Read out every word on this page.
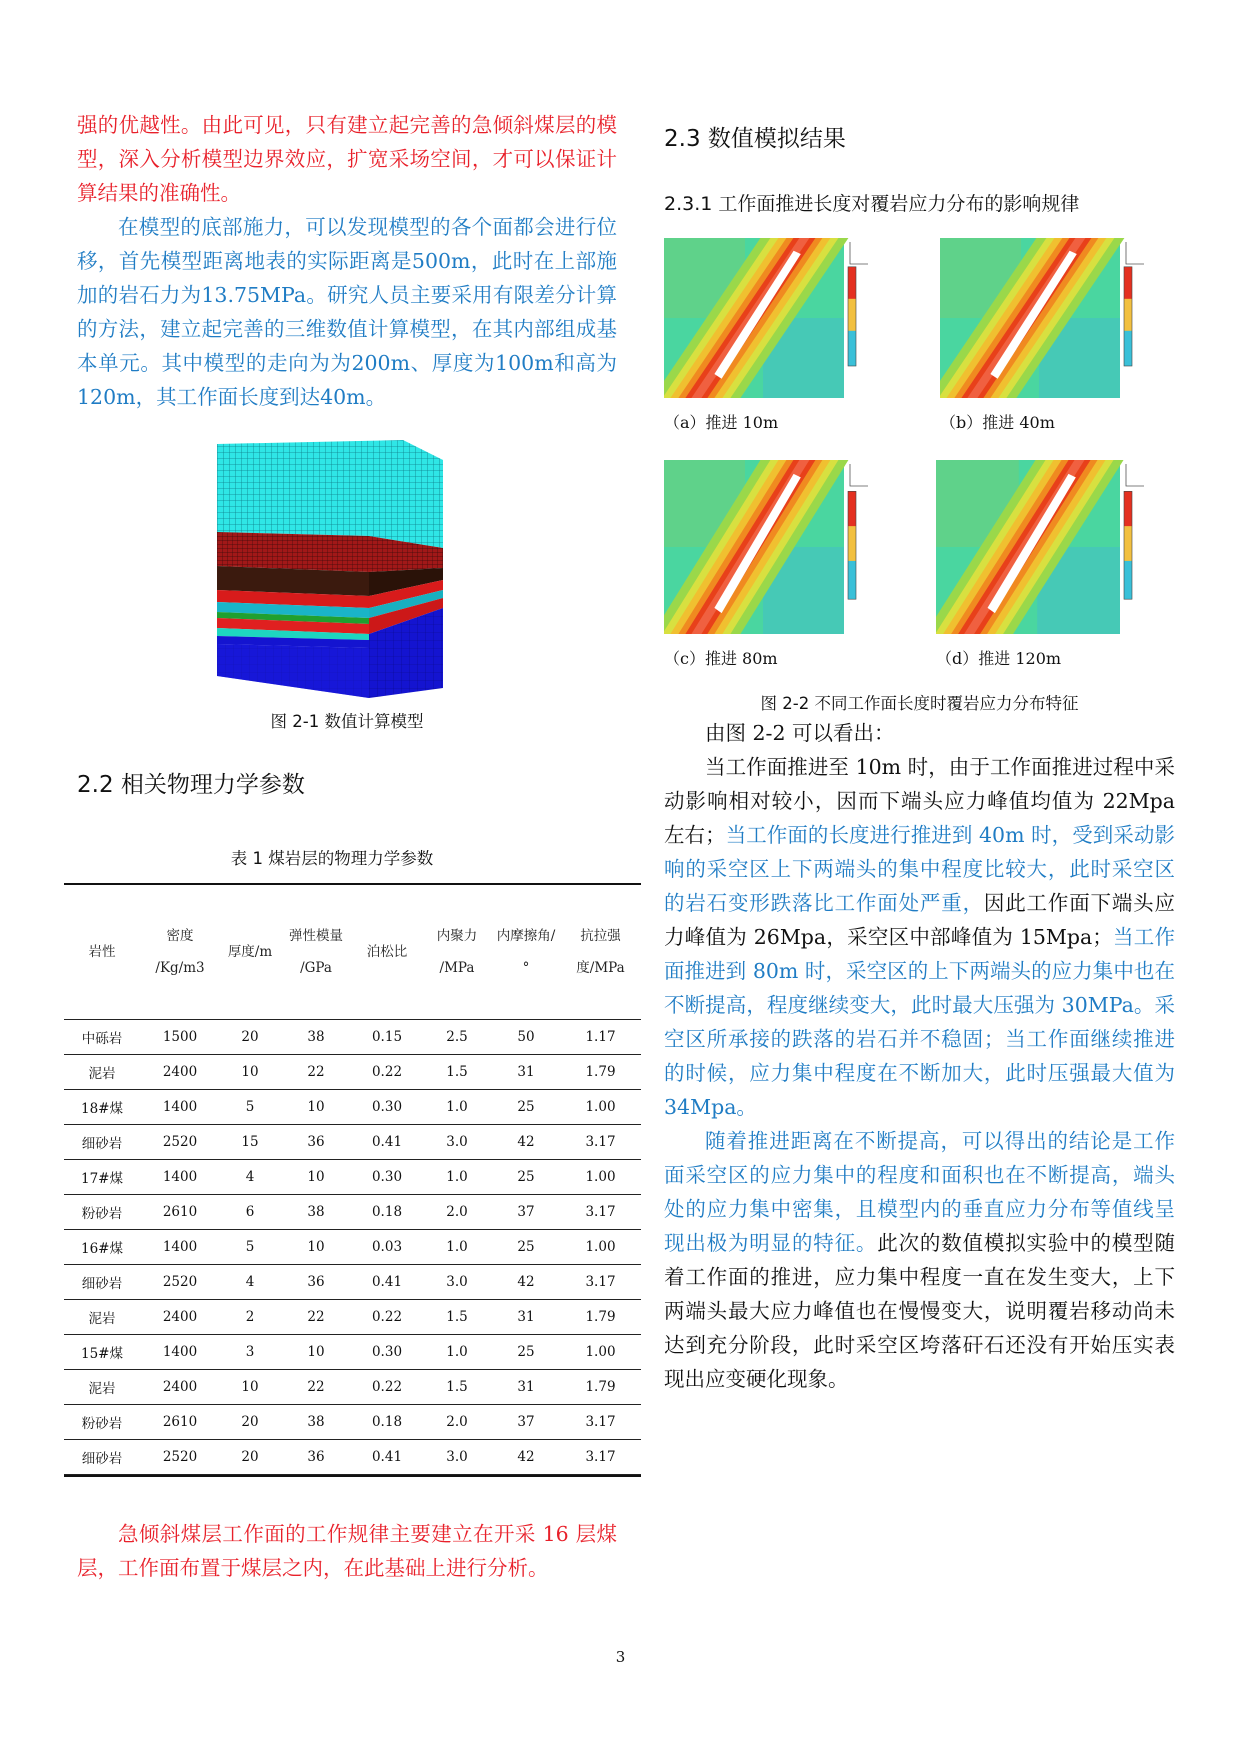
强的优越性。由此可见，只有建立起完善的急倾斜煤层的模型，深入分析模型边界效应，扩宽采场空间，才可以保证计算结果的准确性。

在模型的底部施力，可以发现模型的各个面都会进行位移，首先模型距离地表的实际距离是500m，此时在上部施加的岩石力为13.75MPa。研究人员主要采用有限差分计算的方法，建立起完善的三维数值计算模型，在其内部组成基本单元。其中模型的走向为为200m、厚度为100m和高为120m，其工作面长度到达40m。

图 2-1 数值计算模型
2.2 相关物理力学参数
表 1 煤岩层的物理力学参数
岩性	密度 /Kg/m3	厚度/m	弹性模量 /GPa	泊松比	内聚力 /MPa	内摩擦角/°	抗拉强度/MPa
中砾岩	1500	20	38	0.15	2.5	50	1.17
泥岩	2400	10	22	0.22	1.5	31	1.79
18#煤	1400	5	10	0.30	1.0	25	1.00
细砂岩	2520	15	36	0.41	3.0	42	3.17
17#煤	1400	4	10	0.30	1.0	25	1.00
粉砂岩	2610	6	38	0.18	2.0	37	3.17
16#煤	1400	5	10	0.03	1.0	25	1.00
细砂岩	2520	4	36	0.41	3.0	42	3.17
泥岩	2400	2	22	0.22	1.5	31	1.79
15#煤	1400	3	10	0.30	1.0	25	1.00
泥岩	2400	10	22	0.22	1.5	31	1.79
粉砂岩	2610	20	38	0.18	2.0	37	3.17
细砂岩	2520	20	36	0.41	3.0	42	3.17

急倾斜煤层工作面的工作规律主要建立在开采 16 层煤层，工作面布置于煤层之内，在此基础上进行分析。

2.3 数值模拟结果
2.3.1 工作面推进长度对覆岩应力分布的影响规律
（a）推进 10m	（b）推进 40m
（c）推进 80m	（d）推进 120m
图 2-2 不同工作面长度时覆岩应力分布特征

由图 2-2 可以看出：

当工作面推进至 10m 时，由于工作面推进过程中采动影响相对较小，因而下端头应力峰值均值为 22Mpa 左右；当工作面的长度进行推进到 40m 时，受到采动影响的采空区上下两端头的集中程度比较大，此时采空区的岩石变形跌落比工作面处严重，因此工作面下端头应力峰值为 26Mpa，采空区中部峰值为 15Mpa；当工作面推进到 80m 时，采空区的上下两端头的应力集中也在不断提高，程度继续变大，此时最大压强为 30MPa。采空区所承接的跌落的岩石并不稳固；当工作面继续推进的时候，应力集中程度在不断加大，此时压强最大值为 34Mpa。

随着推进距离在不断提高，可以得出的结论是工作面采空区的应力集中的程度和面积也在不断提高，端头处的应力集中密集，且模型内的垂直应力分布等值线呈现出极为明显的特征。此次的数值模拟实验中的模型随着工作面的推进，应力集中程度一直在发生变大，上下两端头最大应力峰值也在慢慢变大，说明覆岩移动尚未达到充分阶段，此时采空区垮落矸石还没有开始压实表现出应变硬化现象。

3
